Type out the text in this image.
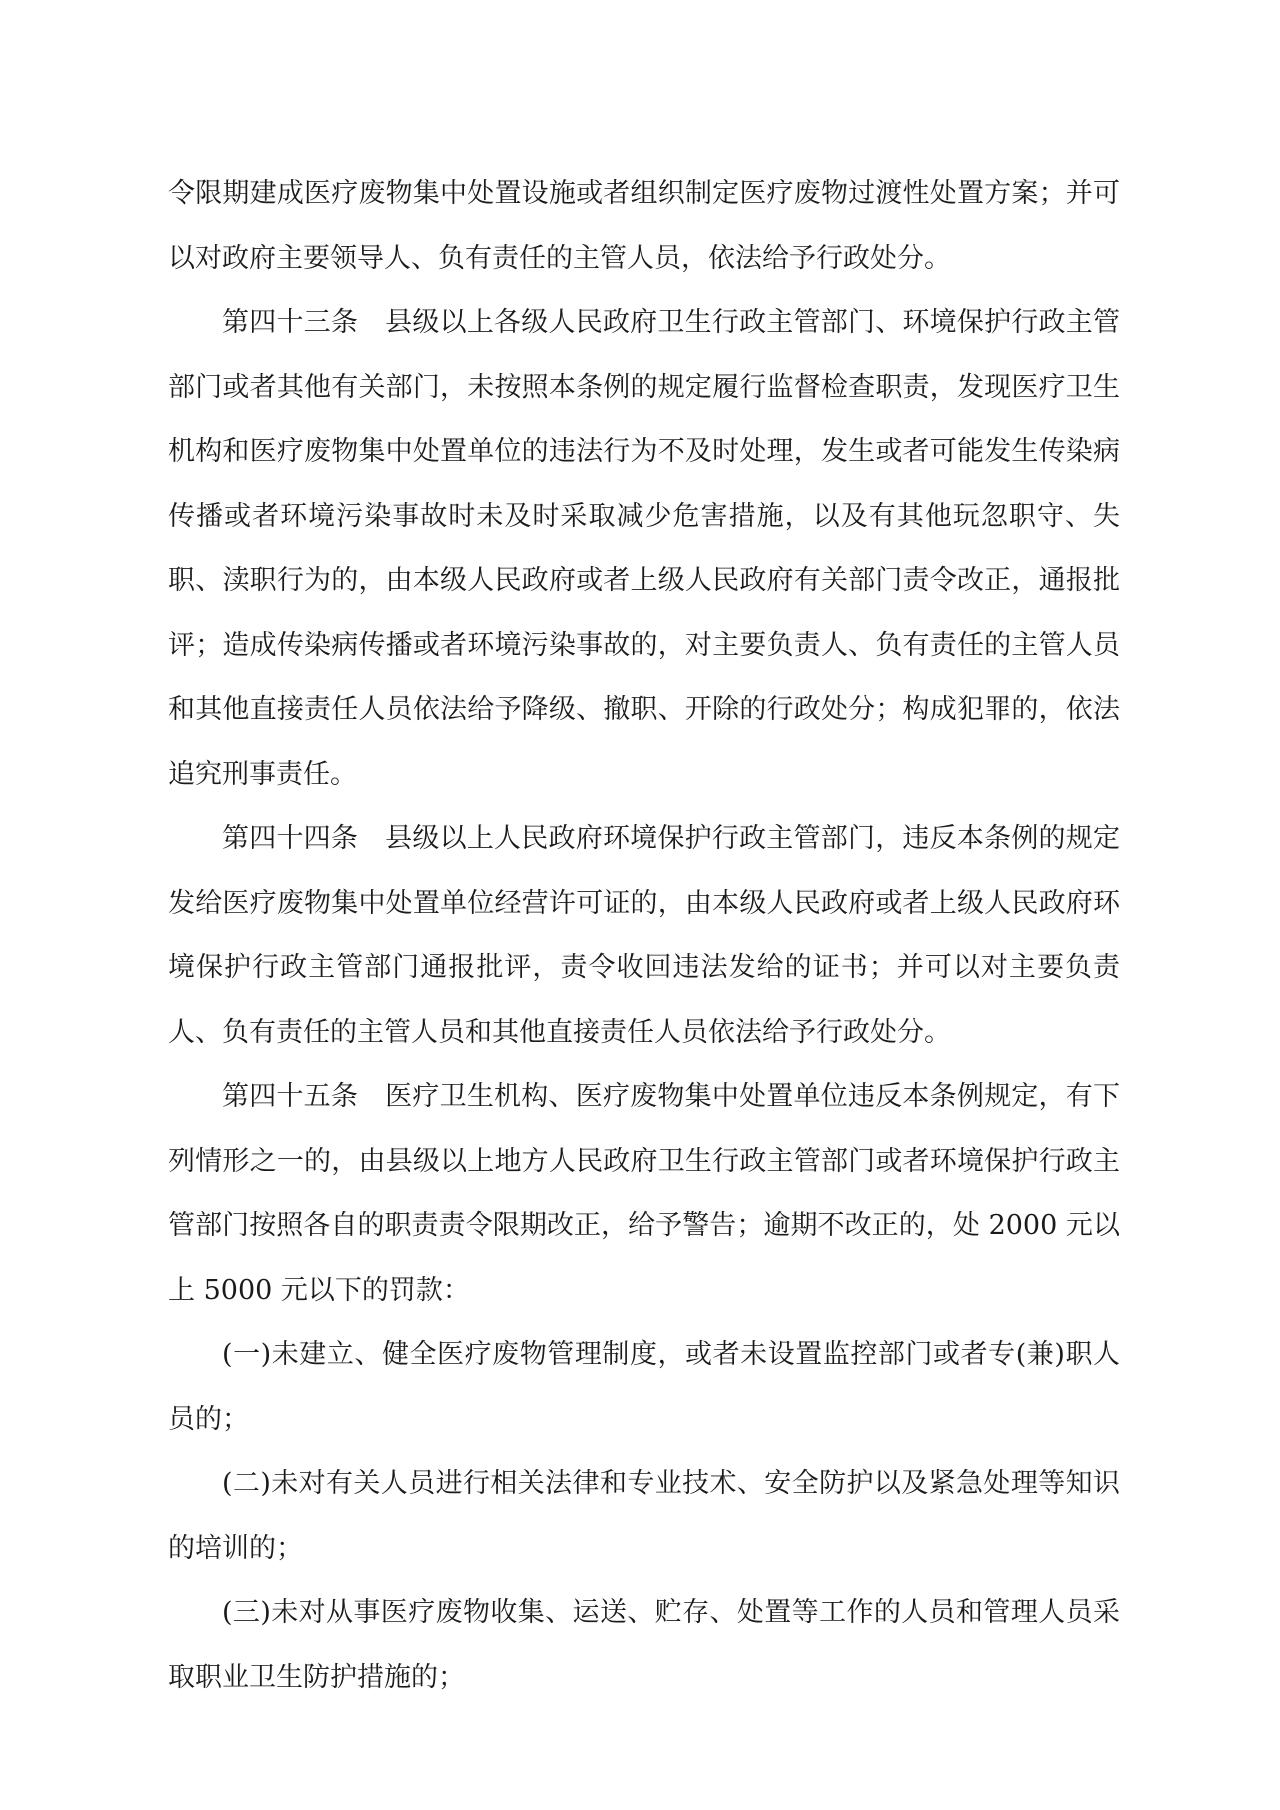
令限期建成医疗废物集中处置设施或者组织制定医疗废物过渡性处置方案；并可以对政府主要领导人、负有责任的主管人员，依法给予行政处分。

第四十三条 县级以上各级人民政府卫生行政主管部门、环境保护行政主管部门或者其他有关部门，未按照本条例的规定履行监督检查职责，发现医疗卫生机构和医疗废物集中处置单位的违法行为不及时处理，发生或者可能发生传染病传播或者环境污染事故时未及时采取减少危害措施，以及有其他玩忽职守、失职、渎职行为的，由本级人民政府或者上级人民政府有关部门责令改正，通报批评；造成传染病传播或者环境污染事故的，对主要负责人、负有责任的主管人员和其他直接责任人员依法给予降级、撤职、开除的行政处分；构成犯罪的，依法追究刑事责任。

第四十四条 县级以上人民政府环境保护行政主管部门，违反本条例的规定发给医疗废物集中处置单位经营许可证的，由本级人民政府或者上级人民政府环境保护行政主管部门通报批评，责令收回违法发给的证书；并可以对主要负责人、负有责任的主管人员和其他直接责任人员依法给予行政处分。

第四十五条 医疗卫生机构、医疗废物集中处置单位违反本条例规定，有下列情形之一的，由县级以上地方人民政府卫生行政主管部门或者环境保护行政主管部门按照各自的职责责令限期改正，给予警告；逾期不改正的，处 2000 元以上 5000 元以下的罚款：

(一)未建立、健全医疗废物管理制度，或者未设置监控部门或者专(兼)职人员的；

(二)未对有关人员进行相关法律和专业技术、安全防护以及紧急处理等知识的培训的；

(三)未对从事医疗废物收集、运送、贮存、处置等工作的人员和管理人员采取职业卫生防护措施的；
